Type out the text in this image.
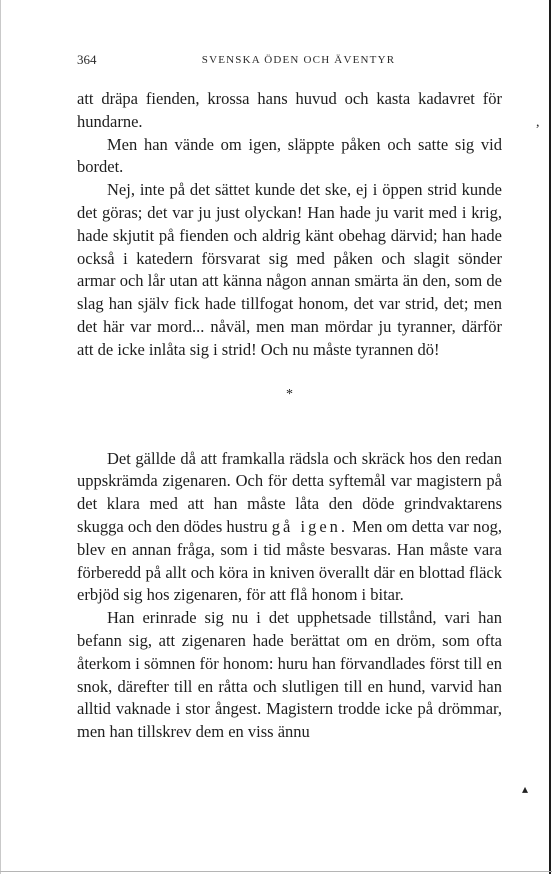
,
▴
364	SVENSKA ÖDEN OCH ÄVENTYR

att dräpa fienden, krossa hans huvud och kasta kadavret för hundarne.

Men han vände om igen, släppte påken och satte sig vid bordet.

Nej, inte på det sättet kunde det ske, ej i öppen strid kunde det göras; det var ju just olyckan! Han hade ju varit med i krig, hade skjutit på fienden och aldrig känt obehag därvid; han hade också i katedern försvarat sig med påken och slagit sönder armar och lår utan att känna någon annan smärta än den, som de slag han själv fick hade tillfogat honom, det var strid, det; men det här var mord... nåväl, men man mördar ju tyranner, därför att de icke inlåta sig i strid! Och nu måste tyrannen dö!

*

Det gällde då att framkalla rädsla och skräck hos den redan uppskrämda zigenaren. Och för detta syftemål var magistern på det klara med att han måste låta den döde grindvaktarens skugga och den dödes hustru gå igen. Men om detta var nog, blev en annan fråga, som i tid måste besvaras. Han måste vara förberedd på allt och köra in kniven överallt där en blottad fläck erbjöd sig hos zigenaren, för att flå honom i bitar.

Han erinrade sig nu i det upphetsade tillstånd, vari han befann sig, att zigenaren hade berättat om en dröm, som ofta återkom i sömnen för honom: huru han förvandlades först till en snok, därefter till en råtta och slutligen till en hund, varvid han alltid vaknade i stor ångest. Magistern trodde icke på drömmar, men han tillskrev dem en viss ännu
